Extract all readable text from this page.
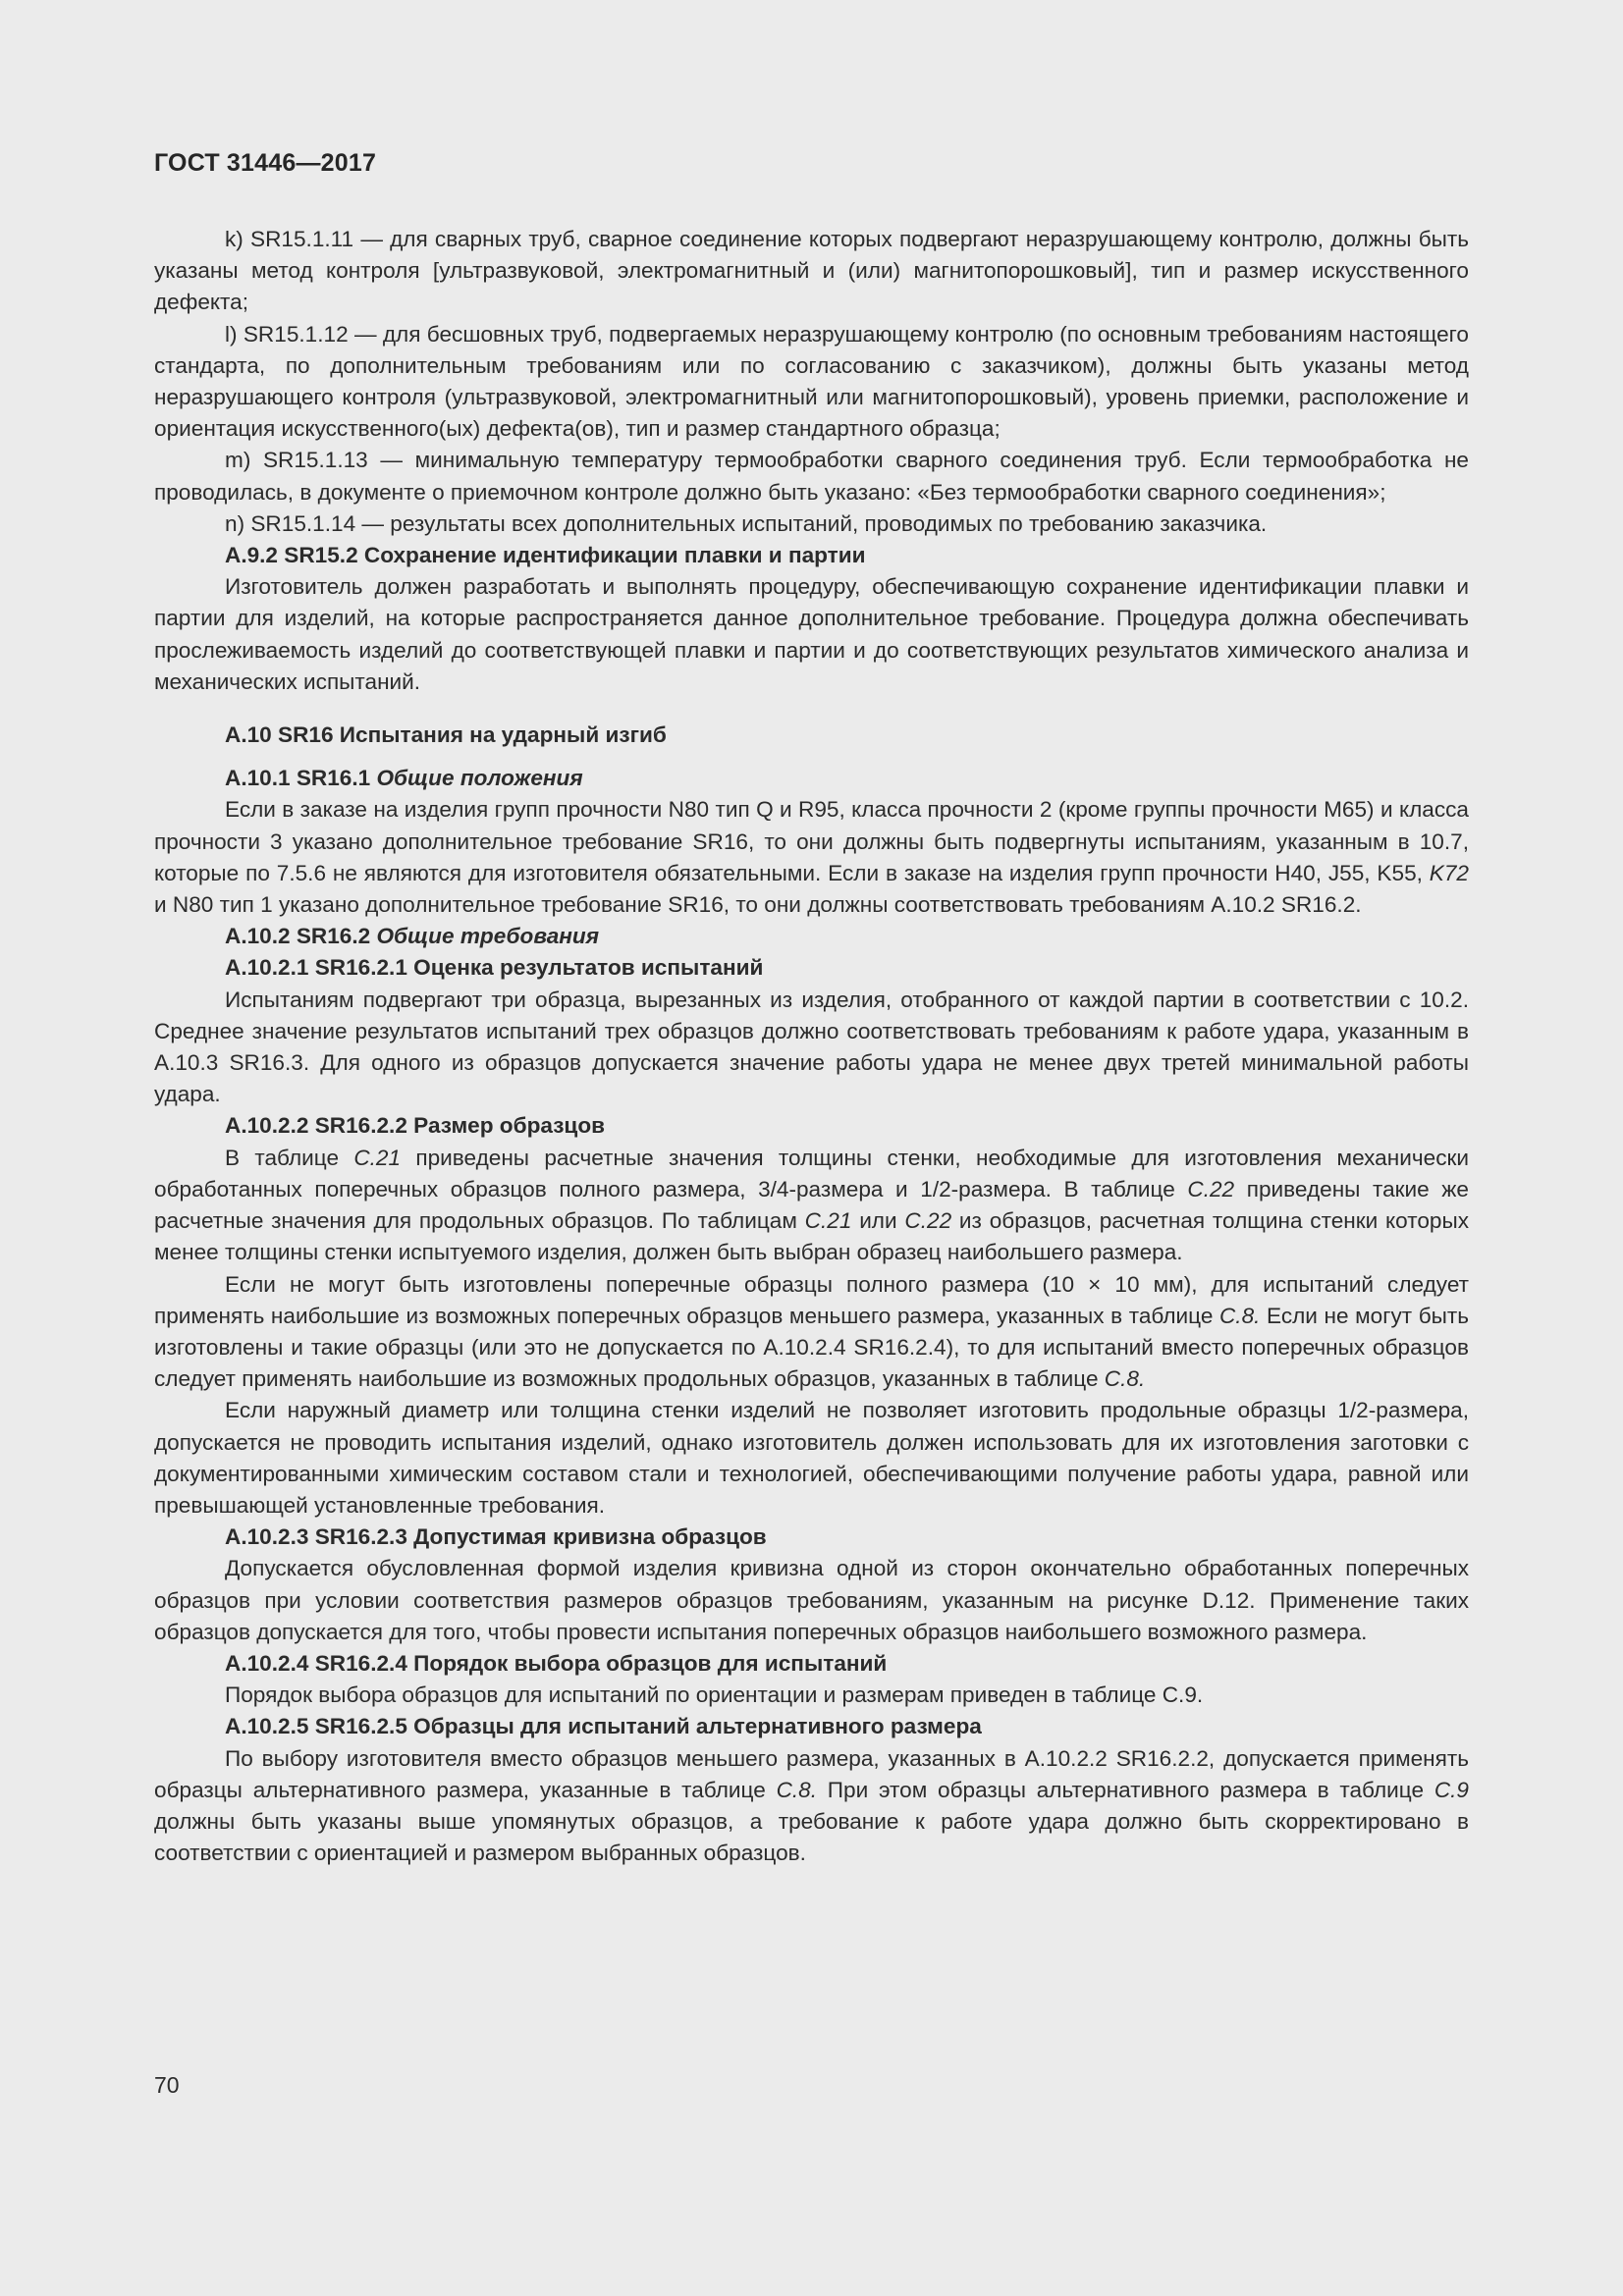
ГОСТ 31446—2017

k) SR15.1.11 — для сварных труб, сварное соединение которых подвергают неразрушающему контролю, должны быть указаны метод контроля [ультразвуковой, электромагнитный и (или) магнитопорошковый], тип и размер искусственного дефекта;

l) SR15.1.12 — для бесшовных труб, подвергаемых неразрушающему контролю (по основным требованиям настоящего стандарта, по дополнительным требованиям или по согласованию с заказчиком), должны быть указаны метод неразрушающего контроля (ультразвуковой, электромагнитный или магнитопорошковый), уровень приемки, расположение и ориентация искусственного(ых) дефекта(ов), тип и размер стандартного образца;

m) SR15.1.13 — минимальную температуру термообработки сварного соединения труб. Если термообработка не проводилась, в документе о приемочном контроле должно быть указано: «Без термообработки сварного соединения»;

n) SR15.1.14 — результаты всех дополнительных испытаний, проводимых по требованию заказчика.

А.9.2 SR15.2 Сохранение идентификации плавки и партии

Изготовитель должен разработать и выполнять процедуру, обеспечивающую сохранение идентификации плавки и партии для изделий, на которые распространяется данное дополнительное требование. Процедура должна обеспечивать прослеживаемость изделий до соответствующей плавки и партии и до соответствующих результатов химического анализа и механических испытаний.

А.10 SR16 Испытания на ударный изгиб

А.10.1 SR16.1 Общие положения

Если в заказе на изделия групп прочности N80 тип Q и R95, класса прочности 2 (кроме группы прочности M65) и класса прочности 3 указано дополнительное требование SR16, то они должны быть подвергнуты испытаниям, указанным в 10.7, которые по 7.5.6 не являются для изготовителя обязательными. Если в заказе на изделия групп прочности H40, J55, K55, K72 и N80 тип 1 указано дополнительное требование SR16, то они должны соответствовать требованиям А.10.2 SR16.2.

А.10.2 SR16.2 Общие требования

А.10.2.1 SR16.2.1 Оценка результатов испытаний

Испытаниям подвергают три образца, вырезанных из изделия, отобранного от каждой партии в соответствии с 10.2. Среднее значение результатов испытаний трех образцов должно соответствовать требованиям к работе удара, указанным в А.10.3 SR16.3. Для одного из образцов допускается значение работы удара не менее двух третей минимальной работы удара.

А.10.2.2 SR16.2.2 Размер образцов

В таблице С.21 приведены расчетные значения толщины стенки, необходимые для изготовления механически обработанных поперечных образцов полного размера, 3/4-размера и 1/2-размера. В таблице С.22 приведены такие же расчетные значения для продольных образцов. По таблицам С.21 или С.22 из образцов, расчетная толщина стенки которых менее толщины стенки испытуемого изделия, должен быть выбран образец наибольшего размера.

Если не могут быть изготовлены поперечные образцы полного размера (10 × 10 мм), для испытаний следует применять наибольшие из возможных поперечных образцов меньшего размера, указанных в таблице С.8. Если не могут быть изготовлены и такие образцы (или это не допускается по А.10.2.4 SR16.2.4), то для испытаний вместо поперечных образцов следует применять наибольшие из возможных продольных образцов, указанных в таблице С.8.

Если наружный диаметр или толщина стенки изделий не позволяет изготовить продольные образцы 1/2-размера, допускается не проводить испытания изделий, однако изготовитель должен использовать для их изготовления заготовки с документированными химическим составом стали и технологией, обеспечивающими получение работы удара, равной или превышающей установленные требования.

А.10.2.3 SR16.2.3 Допустимая кривизна образцов

Допускается обусловленная формой изделия кривизна одной из сторон окончательно обработанных поперечных образцов при условии соответствия размеров образцов требованиям, указанным на рисунке D.12. Применение таких образцов допускается для того, чтобы провести испытания поперечных образцов наибольшего возможного размера.

А.10.2.4 SR16.2.4 Порядок выбора образцов для испытаний

Порядок выбора образцов для испытаний по ориентации и размерам приведен в таблице С.9.

А.10.2.5 SR16.2.5 Образцы для испытаний альтернативного размера

По выбору изготовителя вместо образцов меньшего размера, указанных в А.10.2.2 SR16.2.2, допускается применять образцы альтернативного размера, указанные в таблице С.8. При этом образцы альтернативного размера в таблице С.9 должны быть указаны выше упомянутых образцов, а требование к работе удара должно быть скорректировано в соответствии с ориентацией и размером выбранных образцов.

70
